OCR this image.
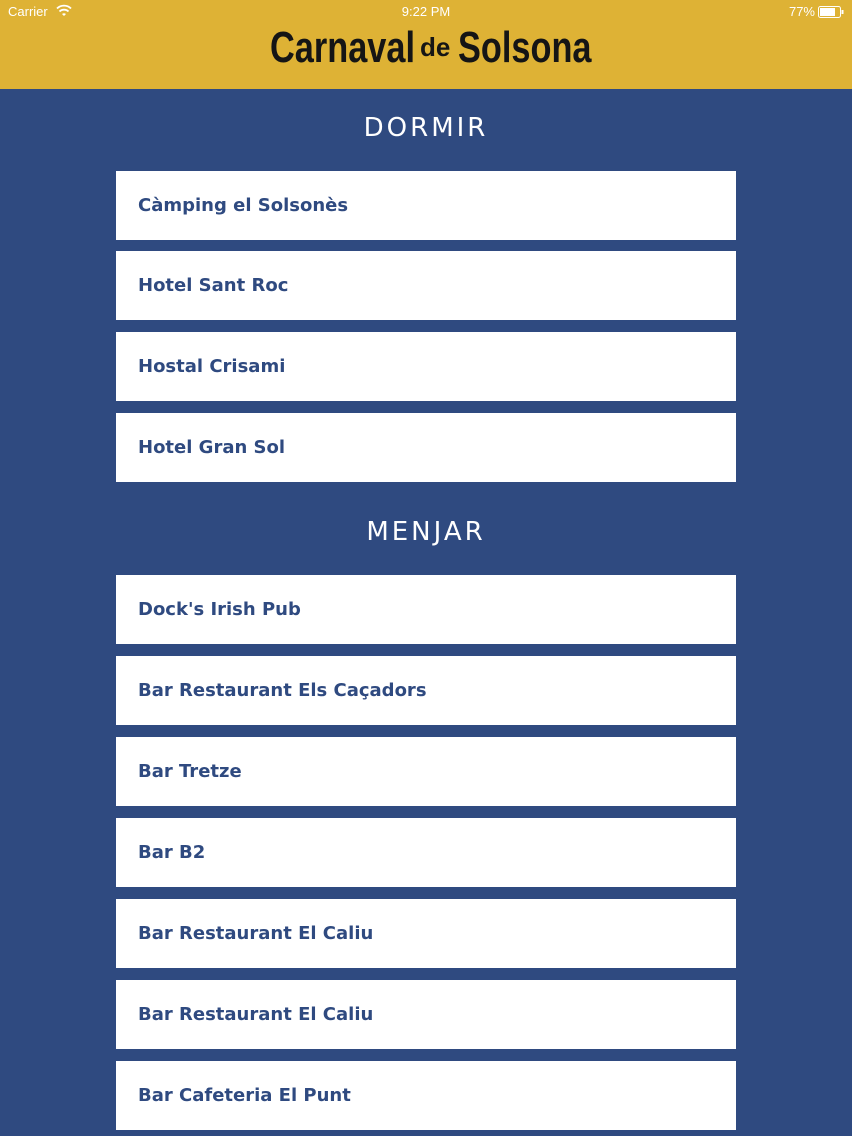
Carrier	9:22 PM	77%
Carnaval de Solsona
DORMIR
Càmping el Solsonès
Hotel Sant Roc
Hostal Crisami
Hotel Gran Sol
MENJAR
Dock's Irish Pub
Bar Restaurant Els Caçadors
Bar Tretze
Bar B2
Bar Restaurant El Caliu
Bar Restaurant El Caliu
Bar Cafeteria El Punt
